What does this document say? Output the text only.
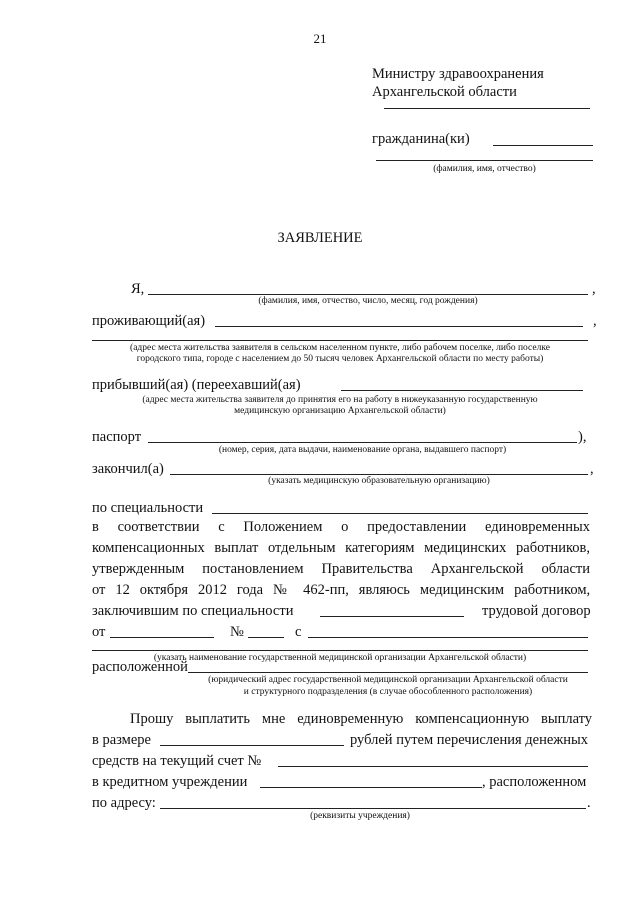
21
Министру здравоохранения
Архангельской области
гражданина(ки)
(фамилия, имя, отчество)
ЗАЯВЛЕНИЕ
Я,	,
(фамилия, имя, отчество, число, месяц, год рождения)
проживающий(ая)	,
(адрес места жительства заявителя в сельском населенном пункте, либо рабочем поселке, либо поселке
городского типа, городе с населением до 50 тысяч человек Архангельской области по месту работы)
прибывший(ая) (переехавший(ая)
(адрес места жительства заявителя до принятия его на работу в нижеуказанную государственную
медицинскую организацию Архангельской области)
паспорт	),
(номер, серия, дата выдачи, наименование органа, выдавшего паспорт)
закончил(а)	,
(указать медицинскую образовательную организацию)
по специальности
в соответствии с Положением о предоставлении единовременных
компенсационных выплат отдельным категориям медицинских работников,
утвержденным постановлением Правительства Архангельской области
от 12 октября 2012 года № 462-пп, являюсь медицинским работником,
заключившим по специальности	трудовой договор
от	№	с
(указать наименование государственной медицинской организации Архангельской области)
расположенной
(юридический адрес государственной медицинской организации Архангельской области
и структурного подразделения (в случае обособленного расположения)
Прошу выплатить мне единовременную компенсационную выплату
в размере	рублей путем перечисления денежных
средств на текущий счет №
в кредитном учреждении	, расположенном
по адресу:	.
(реквизиты учреждения)
